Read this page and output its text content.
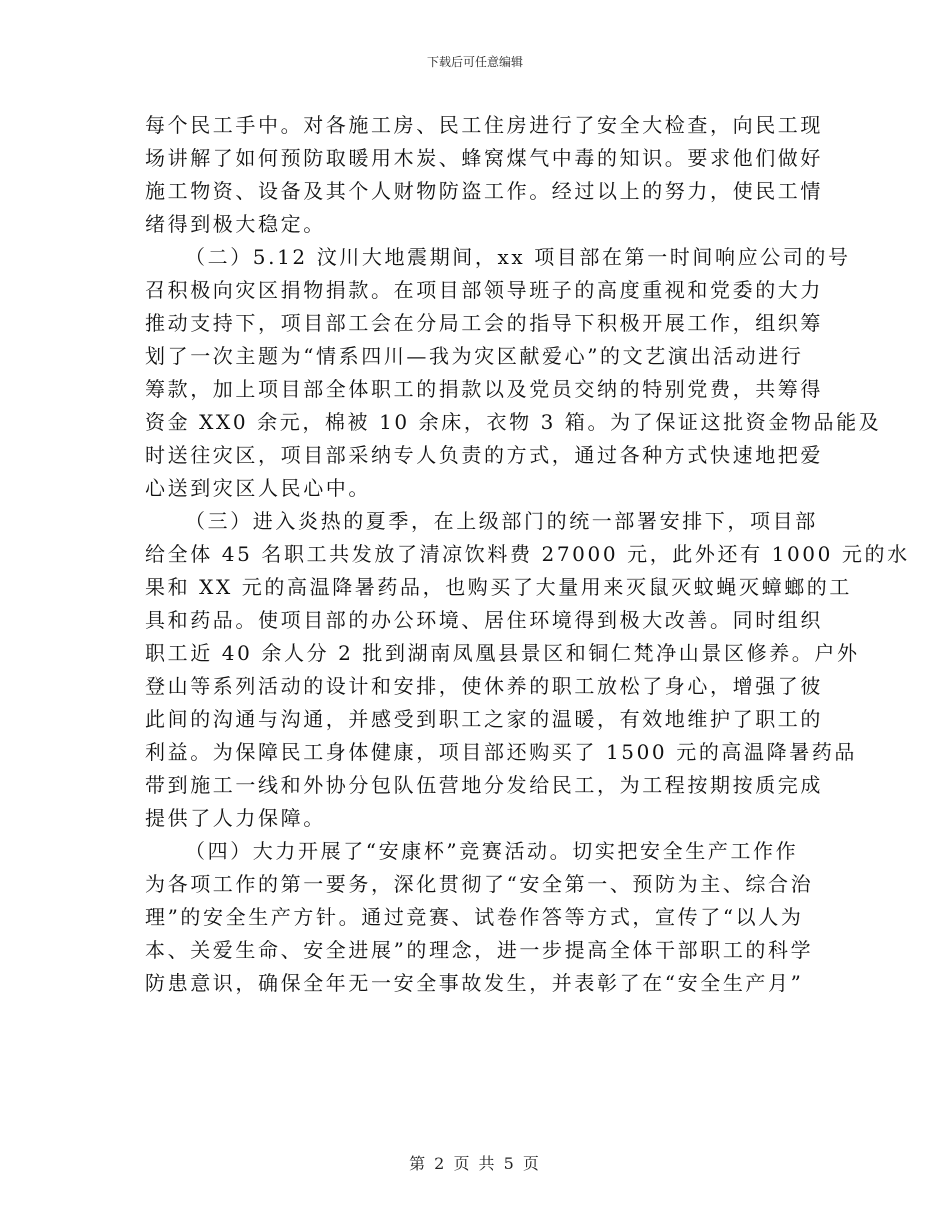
下载后可任意编辑
每个民工手中。对各施工房、民工住房进行了安全大检查，向民工现
场讲解了如何预防取暖用木炭、蜂窝煤气中毒的知识。要求他们做好
施工物资、设备及其个人财物防盗工作。经过以上的努力，使民工情
绪得到极大稳定。
（二）5.12 汶川大地震期间，xx 项目部在第一时间响应公司的号
召积极向灾区捐物捐款。在项目部领导班子的高度重视和党委的大力
推动支持下，项目部工会在分局工会的指导下积极开展工作，组织筹
划了一次主题为“情系四川—我为灾区献爱心”的文艺演出活动进行
筹款，加上项目部全体职工的捐款以及党员交纳的特别党费，共筹得
资金 XX0 余元，棉被 10 余床，衣物 3 箱。为了保证这批资金物品能及
时送往灾区，项目部采纳专人负责的方式，通过各种方式快速地把爱
心送到灾区人民心中。
（三）进入炎热的夏季，在上级部门的统一部署安排下，项目部
给全体 45 名职工共发放了清凉饮料费 27000 元，此外还有 1000 元的水
果和 XX 元的高温降暑药品，也购买了大量用来灭鼠灭蚊蝇灭蟑螂的工
具和药品。使项目部的办公环境、居住环境得到极大改善。同时组织
职工近 40 余人分 2 批到湖南凤凰县景区和铜仁梵净山景区修养。户外
登山等系列活动的设计和安排，使休养的职工放松了身心，增强了彼
此间的沟通与沟通，并感受到职工之家的温暖，有效地维护了职工的
利益。为保障民工身体健康，项目部还购买了 1500 元的高温降暑药品
带到施工一线和外协分包队伍营地分发给民工，为工程按期按质完成
提供了人力保障。
（四）大力开展了“安康杯”竞赛活动。切实把安全生产工作作
为各项工作的第一要务，深化贯彻了“安全第一、预防为主、综合治
理”的安全生产方针。通过竞赛、试卷作答等方式，宣传了“以人为
本、关爱生命、安全进展”的理念，进一步提高全体干部职工的科学
防患意识，确保全年无一安全事故发生，并表彰了在“安全生产月”
第 2 页 共 5 页
